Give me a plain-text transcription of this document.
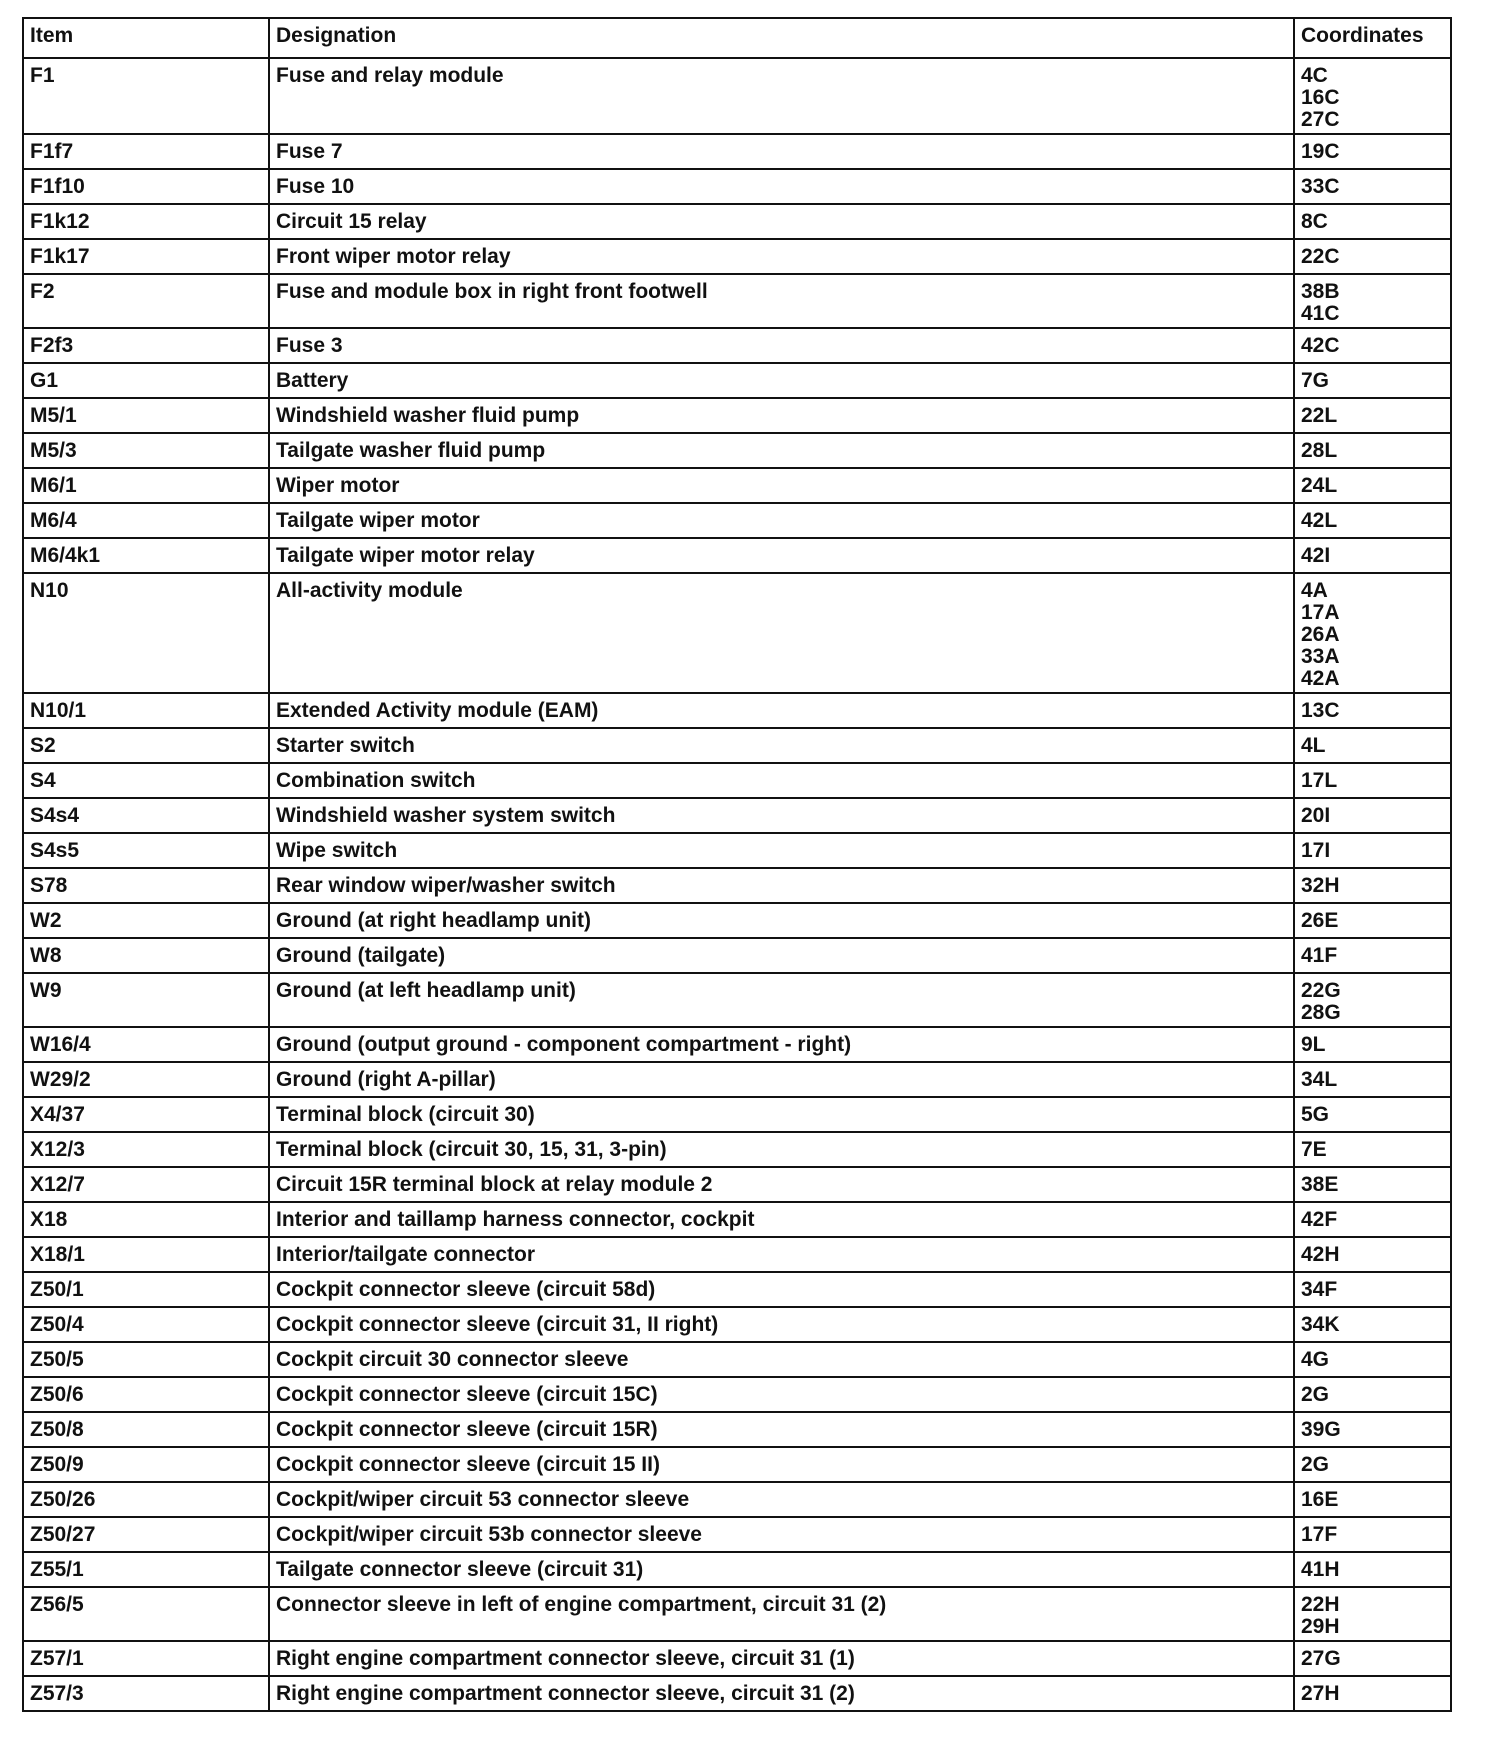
Item	Designation	Coordinates
F1	Fuse and relay module	4C
16C
27C

F1f7	Fuse 7	19C

F1f10	Fuse 10	33C

F1k12	Circuit 15 relay	8C

F1k17	Front wiper motor relay	22C

F2	Fuse and module box in right front footwell	38B
41C

F2f3	Fuse 3	42C

G1	Battery	7G

M5/1	Windshield washer fluid pump	22L

M5/3	Tailgate washer fluid pump	28L

M6/1	Wiper motor	24L

M6/4	Tailgate wiper motor	42L

M6/4k1	Tailgate wiper motor relay	42I

N10	All-activity module	4A
17A
26A
33A
42A

N10/1	Extended Activity module (EAM)	13C

S2	Starter switch	4L

S4	Combination switch	17L

S4s4	Windshield washer system switch	20I

S4s5	Wipe switch	17I

S78	Rear window wiper/washer switch	32H

W2	Ground (at right headlamp unit)	26E

W8	Ground (tailgate)	41F

W9	Ground (at left headlamp unit)	22G
28G

W16/4	Ground (output ground - component compartment - right)	9L

W29/2	Ground (right A-pillar)	34L

X4/37	Terminal block (circuit 30)	5G

X12/3	Terminal block (circuit 30, 15, 31, 3-pin)	7E

X12/7	Circuit 15R terminal block at relay module 2	38E

X18	Interior and taillamp harness connector, cockpit	42F

X18/1	Interior/tailgate connector	42H

Z50/1	Cockpit connector sleeve (circuit 58d)	34F

Z50/4	Cockpit connector sleeve (circuit 31, II right)	34K

Z50/5	Cockpit circuit 30 connector sleeve	4G

Z50/6	Cockpit connector sleeve (circuit 15C)	2G

Z50/8	Cockpit connector sleeve (circuit 15R)	39G

Z50/9	Cockpit connector sleeve (circuit 15 II)	2G

Z50/26	Cockpit/wiper circuit 53 connector sleeve	16E

Z50/27	Cockpit/wiper circuit 53b connector sleeve	17F

Z55/1	Tailgate connector sleeve (circuit 31)	41H

Z56/5	Connector sleeve in left of engine compartment, circuit 31 (2)	22H
29H

Z57/1	Right engine compartment connector sleeve, circuit 31 (1)	27G

Z57/3	Right engine compartment connector sleeve, circuit 31 (2)	27H
